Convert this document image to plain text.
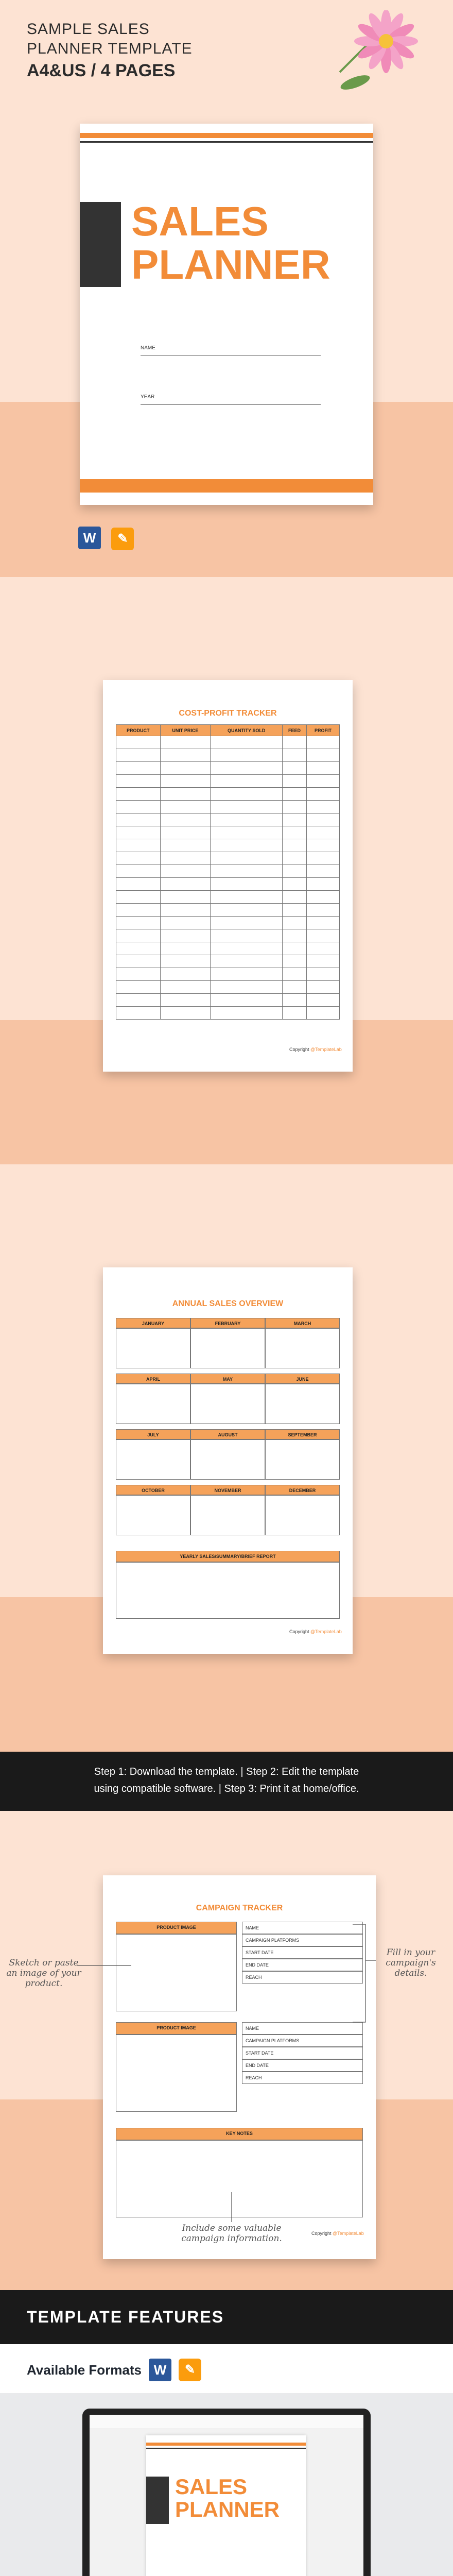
SAMPLE SALES
PLANNER TEMPLATE
A4&US / 4 PAGES
SALES
PLANNER
NAME
YEAR
W ✎
COST-PROFIT TRACKER
PRODUCT	UNIT PRICE	QUANTITY SOLD	FEED	PROFIT

Copyright @TemplateLab
ANNUAL SALES OVERVIEW
JANUARY	FEBRUARY	MARCH
APRIL	MAY	JUNE
JULY	AUGUST	SEPTEMBER
OCTOBER	NOVEMBER	DECEMBER
YEARLY SALES/SUMMARY/BRIEF REPORT
Copyright @TemplateLab
Step 1: Download the template. | Step 2: Edit the template
using compatible software. | Step 3: Print it at home/office.
CAMPAIGN TRACKER
PRODUCT IMAGE	NAME
CAMPAIGN PLATFORMS
START DATE
END DATE
REACH
PRODUCT IMAGE	NAME
CAMPAIGN PLATFORMS
START DATE
END DATE
REACH
KEY NOTES
Copyright @TemplateLab
Sketch or paste an image of your product.
Fill in your campaign's details.
Include some valuable campaign information.
TEMPLATE FEATURES
Available Formats W	✎
SALES
PLANNER
